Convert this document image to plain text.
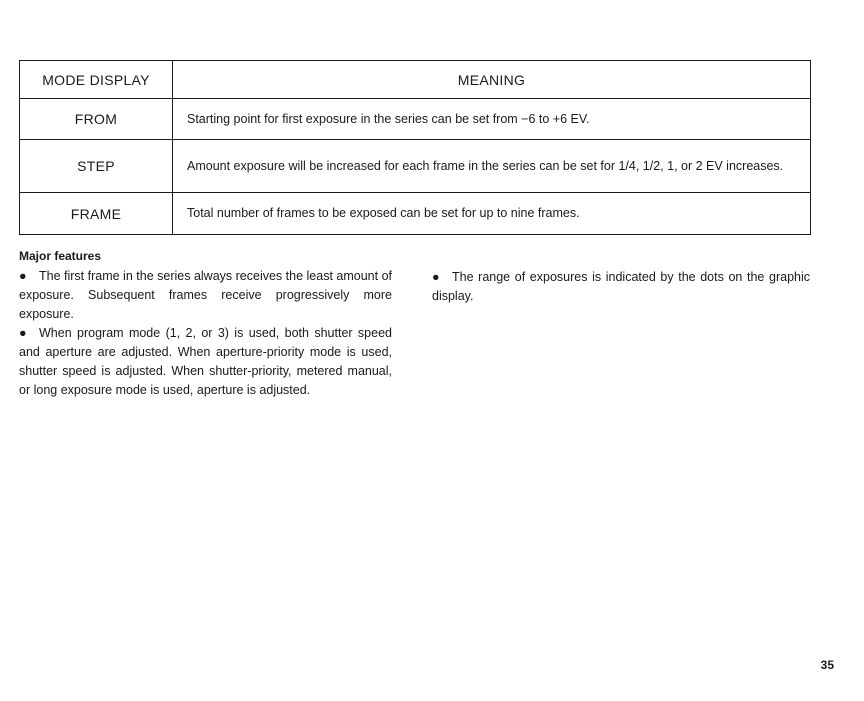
MODE DISPLAY	MEANING
FROM	Starting point for first exposure in the series can be set from −6 to +6 EV.
STEP	Amount exposure will be increased for each frame in the series can be set for 1/4, 1/2, 1, or 2 EV increases.
FRAME	Total number of frames to be exposed can be set for up to nine frames.
Major features

● The first frame in the series always receives the least amount of exposure. Subsequent frames receive progressively more exposure.

● When program mode (1, 2, or 3) is used, both shutter speed and aperture are adjusted. When aperture-priority mode is used, shutter speed is adjusted. When shutter-priority, metered manual, or long exposure mode is used, aperture is adjusted.

● The range of exposures is indicated by the dots on the graphic display.

35
